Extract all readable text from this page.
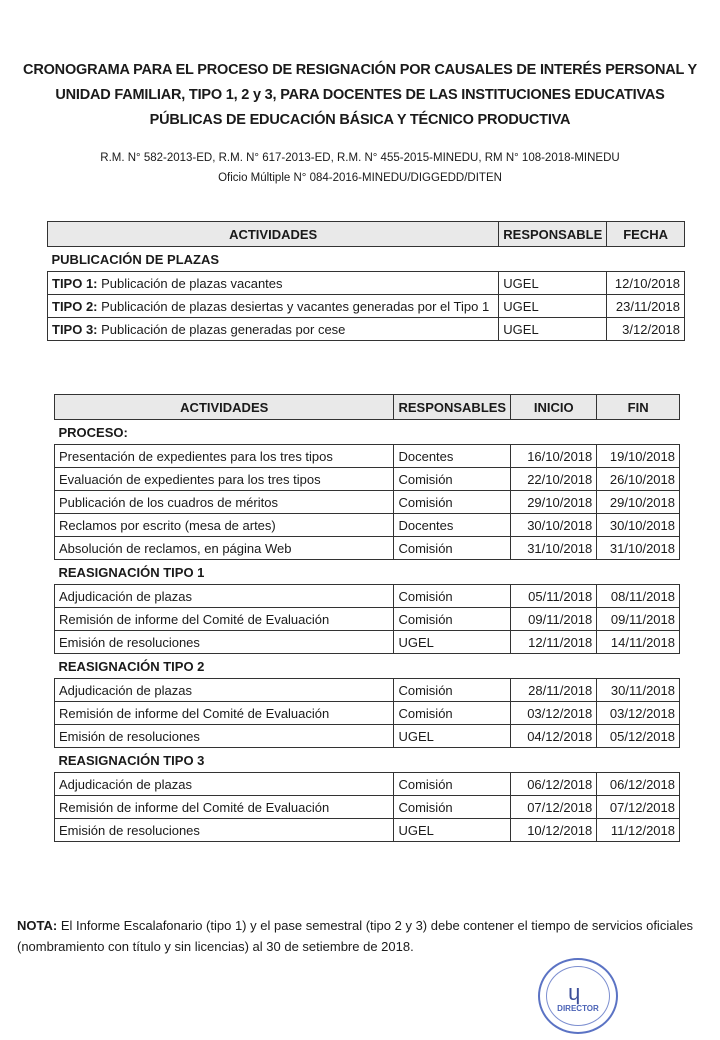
CRONOGRAMA PARA EL PROCESO DE RESIGNACIÓN POR CAUSALES DE INTERÉS PERSONAL Y UNIDAD FAMILIAR, TIPO 1, 2 y 3, PARA DOCENTES DE LAS INSTITUCIONES EDUCATIVAS PÚBLICAS DE EDUCACIÓN BÁSICA Y TÉCNICO PRODUCTIVA
R.M. N° 582-2013-ED, R.M. N° 617-2013-ED, R.M. N° 455-2015-MINEDU, RM N° 108-2018-MINEDU
Oficio Múltiple N° 084-2016-MINEDU/DIGGEDD/DITEN
ACTIVIDADES	RESPONSABLE	FECHA
PUBLICACIÓN DE PLAZAS		
TIPO 1: Publicación de plazas vacantes	UGEL	12/10/2018
TIPO 2: Publicación de plazas desiertas y vacantes generadas por el Tipo 1	UGEL	23/11/2018
TIPO 3: Publicación de plazas generadas por cese	UGEL	3/12/2018
ACTIVIDADES	RESPONSABLES	INICIO	FIN
PROCESO:			
Presentación de expedientes para los tres tipos	Docentes	16/10/2018	19/10/2018
Evaluación de expedientes para los tres tipos	Comisión	22/10/2018	26/10/2018
Publicación de los cuadros de méritos	Comisión	29/10/2018	29/10/2018
Reclamos por escrito (mesa de artes)	Docentes	30/10/2018	30/10/2018
Absolución de reclamos, en página Web	Comisión	31/10/2018	31/10/2018
REASIGNACIÓN TIPO 1			
Adjudicación de plazas	Comisión	05/11/2018	08/11/2018
Remisión de informe del Comité de Evaluación	Comisión	09/11/2018	09/11/2018
Emisión de resoluciones	UGEL	12/11/2018	14/11/2018
REASIGNACIÓN TIPO 2			
Adjudicación de plazas	Comisión	28/11/2018	30/11/2018
Remisión de informe del Comité de Evaluación	Comisión	03/12/2018	03/12/2018
Emisión de resoluciones	UGEL	04/12/2018	05/12/2018
REASIGNACIÓN TIPO 3			
Adjudicación de plazas	Comisión	06/12/2018	06/12/2018
Remisión de informe del Comité de Evaluación	Comisión	07/12/2018	07/12/2018
Emisión de resoluciones	UGEL	10/12/2018	11/12/2018
NOTA: El Informe Escalafonario (tipo 1) y el pase semestral (tipo 2 y 3) debe contener el tiempo de servicios oficiales (nombramiento con título y sin licencias) al 30 de setiembre de 2018.
ɥ
DIRECTOR
